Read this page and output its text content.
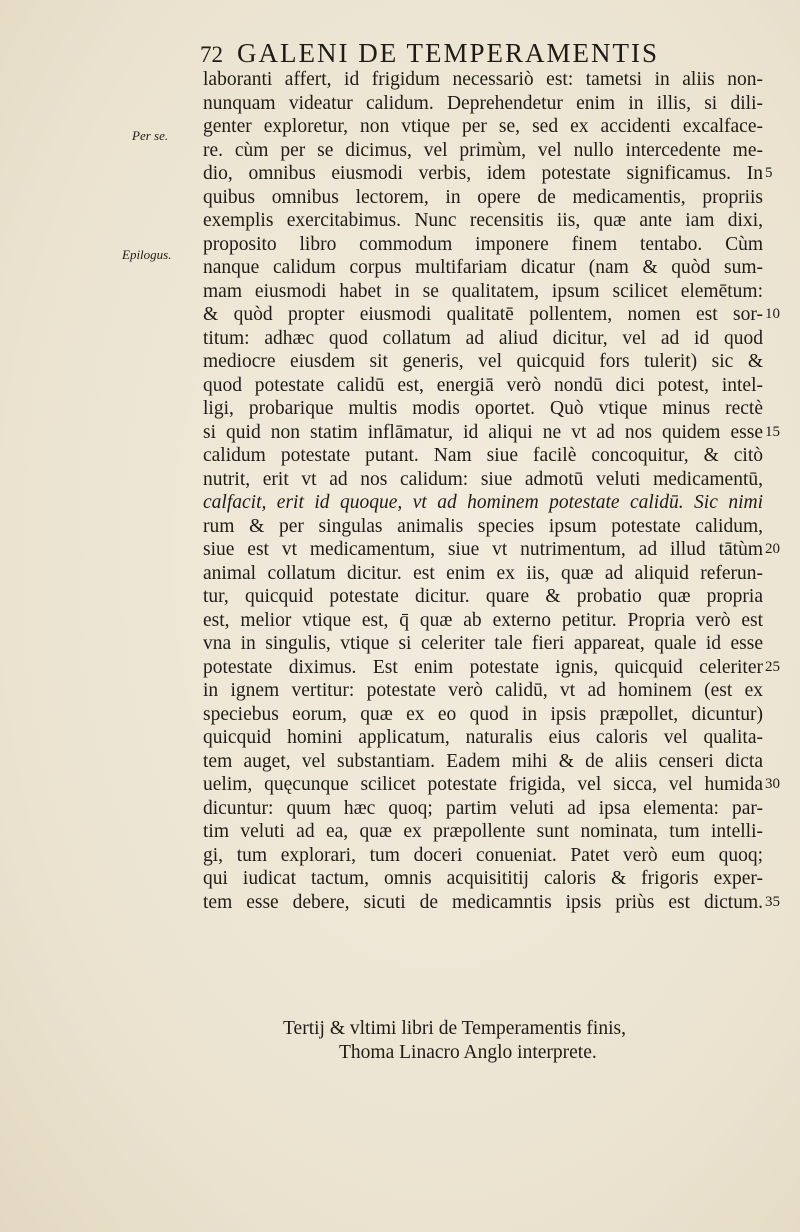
72 GALENI DE TEMPERAMENTIS
Per se.
Epilogus.
laboranti affert, id frigidum necessariò est: tametsi in aliis non-
nunquam videatur calidum. Deprehendetur enim in illis, si dili-
genter exploretur, non vtique per se, sed ex accidenti excalface-
re. cùm per se dicimus, vel primùm, vel nullo intercedente me-
dio, omnibus eiusmodi verbis, idem potestate significamus. In
quibus omnibus lectorem, in opere de medicamentis, propriis
exemplis exercitabimus. Nunc recensitis iis, quæ ante iam dixi,
proposito libro commodum imponere finem tentabo. Cùm
nanque calidum corpus multifariam dicatur (nam & quòd sum-
mam eiusmodi habet in se qualitatem, ipsum scilicet elemētum:
& quòd propter eiusmodi qualitatē pollentem, nomen est sor-
titum: adhæc quod collatum ad aliud dicitur, vel ad id quod
mediocre eiusdem sit generis, vel quicquid fors tulerit) sic &
quod potestate calidū est, energiā verò nondū dici potest, intel-
ligi, probarique multis modis oportet. Quò vtique minus rectè
si quid non statim inflāmatur, id aliqui ne vt ad nos quidem esse
calidum potestate putant. Nam siue facilè concoquitur, & citò
nutrit, erit vt ad nos calidum: siue admotū veluti medicamentū,
calfacit, erit id quoque, vt ad hominem potestate calidū. Sic nimi
rum & per singulas animalis species ipsum potestate calidum,
siue est vt medicamentum, siue vt nutrimentum, ad illud tātùm
animal collatum dicitur. est enim ex iis, quæ ad aliquid referun-
tur, quicquid potestate dicitur. quare & probatio quæ propria
est, melior vtique est, q̄ quæ ab externo petitur. Propria verò est
vna in singulis, vtique si celeriter tale fieri appareat, quale id esse
potestate diximus. Est enim potestate ignis, quicquid celeriter
in ignem vertitur: potestate verò calidū, vt ad hominem (est ex
speciebus eorum, quæ ex eo quod in ipsis præpollet, dicuntur)
quicquid homini applicatum, naturalis eius caloris vel qualita-
tem auget, vel substantiam. Eadem mihi & de aliis censeri dicta
uelim, quęcunque scilicet potestate frigida, vel sicca, vel humida
dicuntur: quum hæc quoq; partim veluti ad ipsa elementa: par-
tim veluti ad ea, quæ ex præpollente sunt nominata, tum intelli-
gi, tum explorari, tum doceri conueniat. Patet verò eum quoq;
qui iudicat tactum, omnis acquisititij caloris & frigoris exper-
tem esse debere, sicuti de medicamntis ipsis priùs est dictum.
5
10
15
20
25
30
35
Tertij & vltimi libri de Temperamentis finis,
Thoma Linacro Anglo interprete.
